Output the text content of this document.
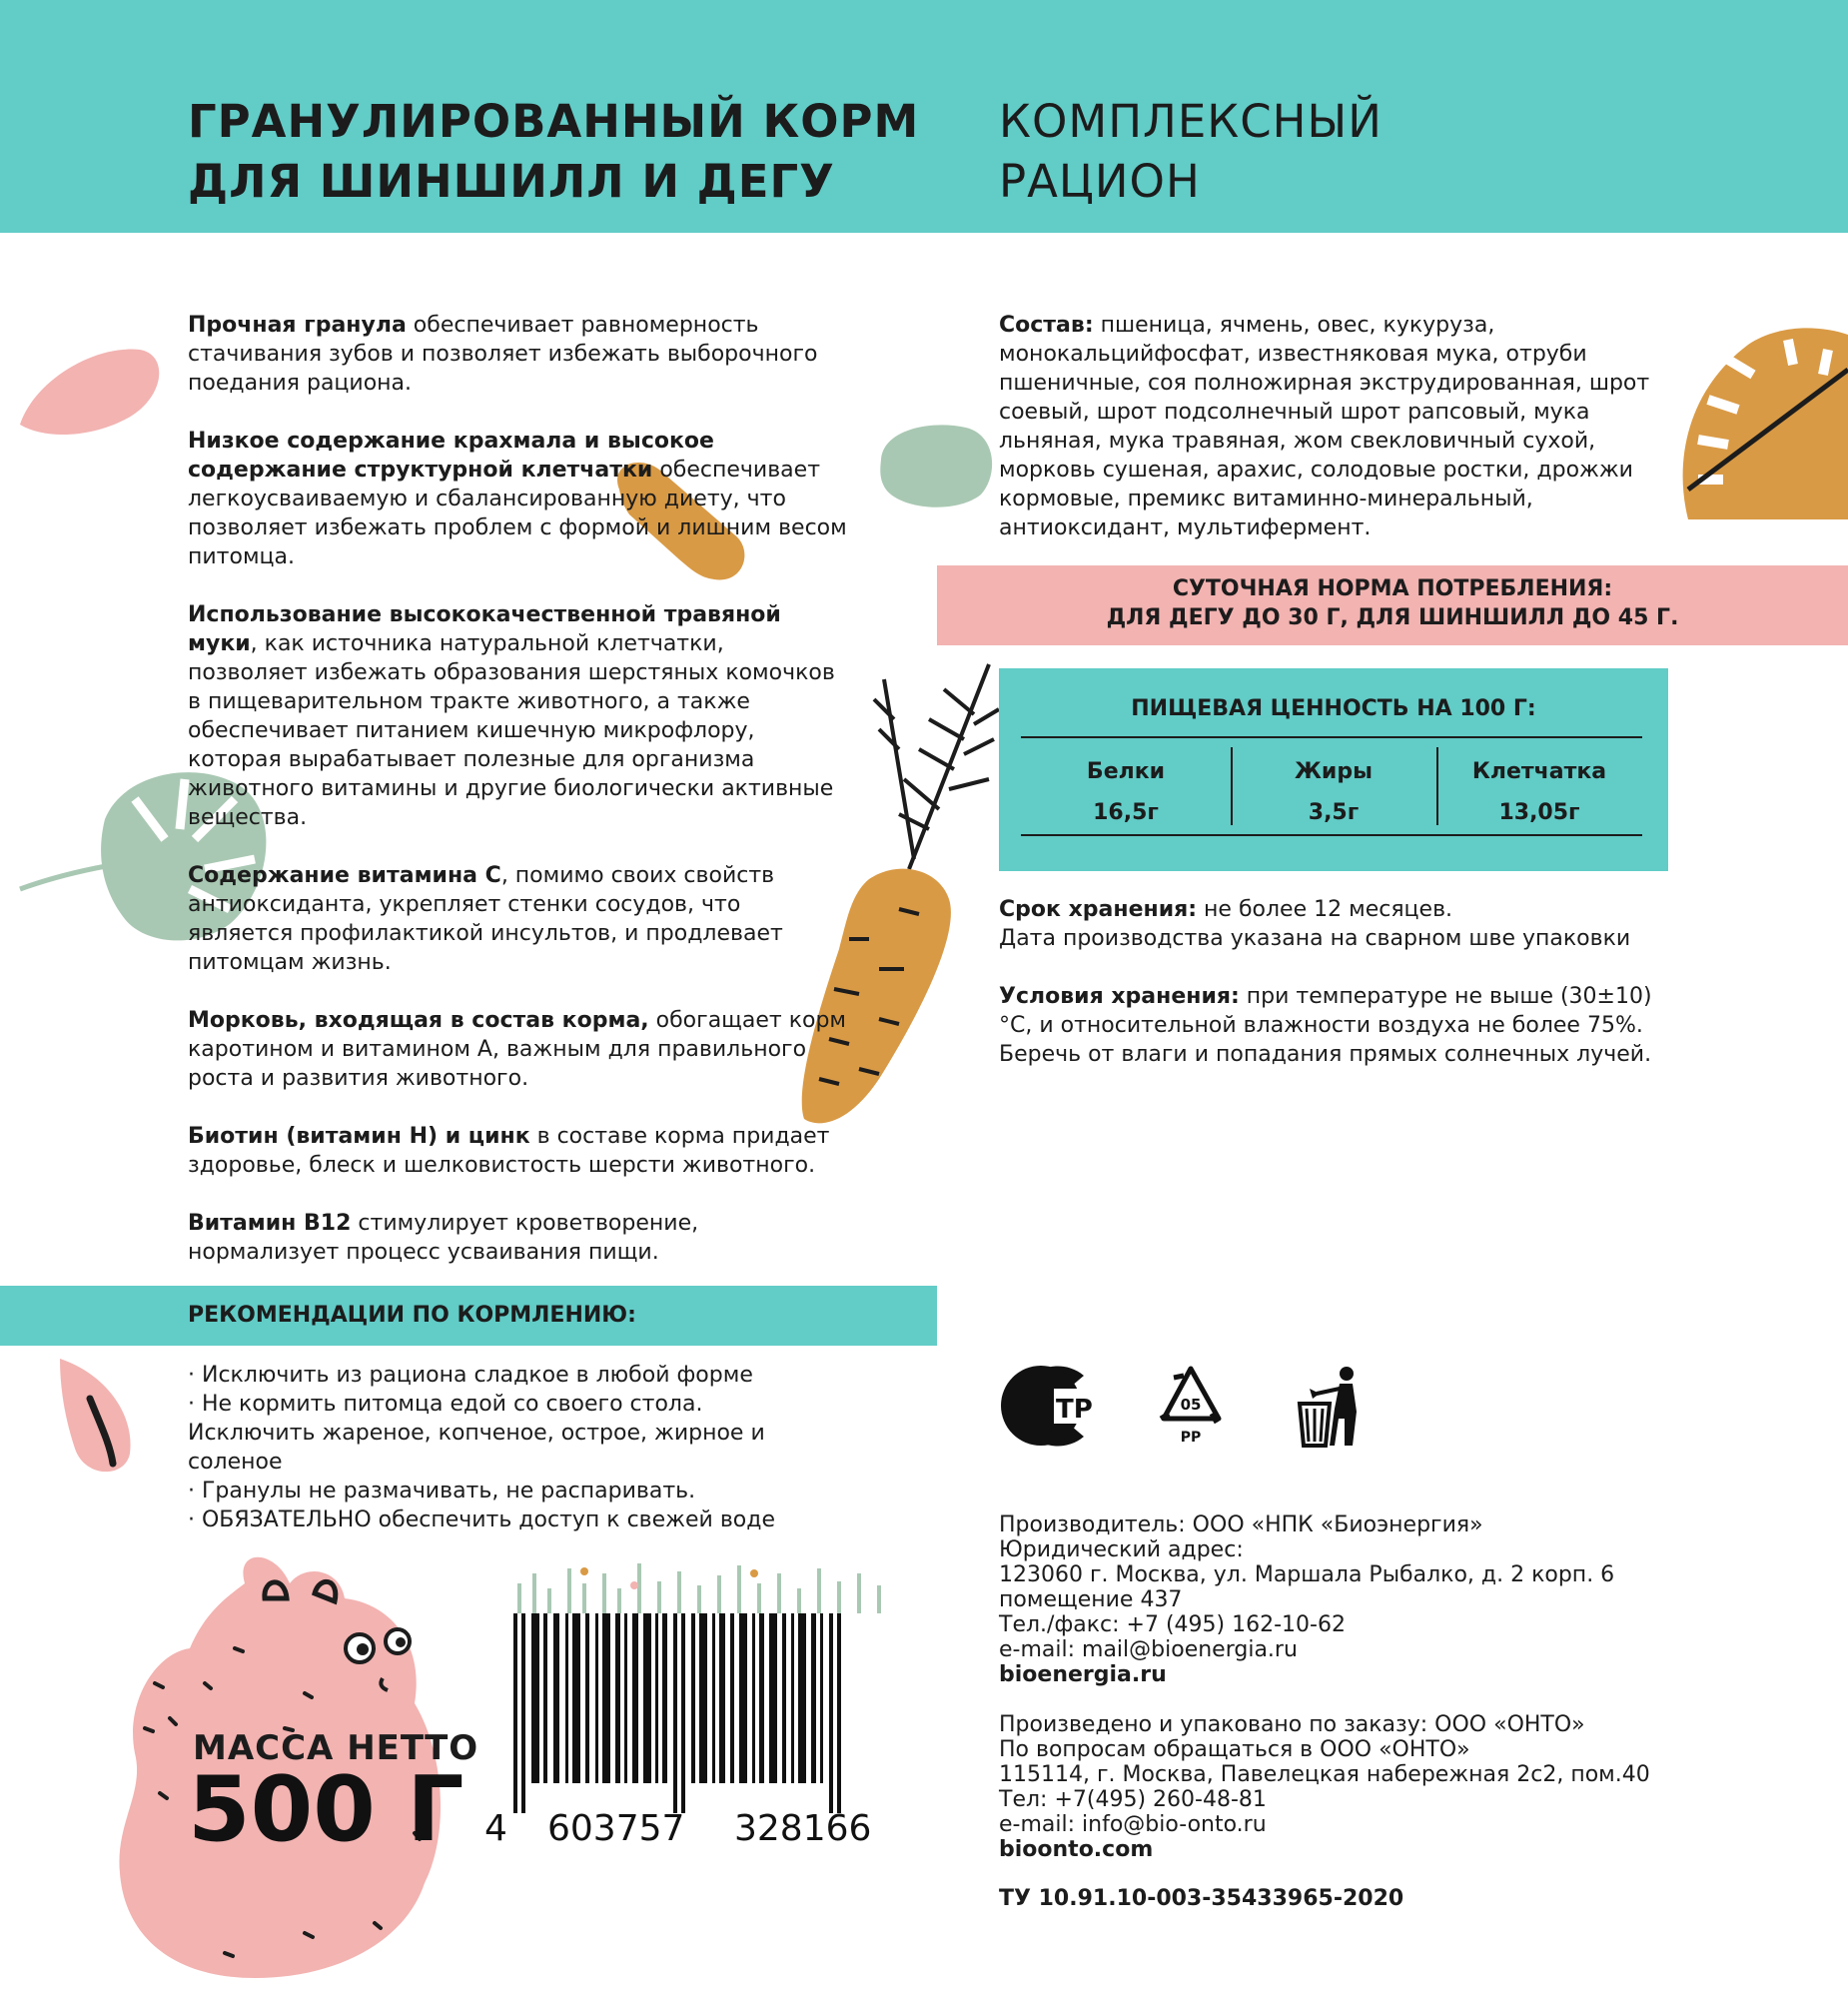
ГРАНУЛИРОВАННЫЙ КОРМ
ДЛЯ ШИНШИЛЛ И ДЕГУ
КОМПЛЕКСНЫЙ
РАЦИОН

Прочная гранула обеспечивает равномерность стачивания зубов и позволяет избежать выборочного поедания рациона.

Низкое содержание крахмала и высокое содержание структурной клетчатки обеспечивает легкоусваиваемую и сбалансированную диету, что позволяет избежать проблем с формой и лишним весом питомца.

Использование высококачественной травяной муки, как источника натуральной клетчатки, позволяет избежать образования шерстяных комочков в пищеварительном тракте животного, а также обеспечивает питанием кишечную микрофлору, которая вырабатывает полезные для организма животного витамины и другие биологически активные вещества.

Содержание витамина С, помимо своих свойств антиоксиданта, укрепляет стенки сосудов, что является профилактикой инсультов, и продлевает питомцам жизнь.

Морковь, входящая в состав корма, обогащает корм каротином и витамином А, важным для правильного роста и развития животного.

Биотин (витамин Н) и цинк в составе корма придает здоровье, блеск и шелковистость шерсти животного.

Витамин В12 стимулирует кроветворение, нормализует процесс усваивания пищи.

РЕКОМЕНДАЦИИ ПО КОРМЛЕНИЮ:
· Исключить из рациона сладкое в любой форме
· Не кормить питомца едой со своего стола.
Исключить жареное, копченое, острое, жирное и
соленое
· Гранулы не размачивать, не распаривать.
· ОБЯЗАТЕЛЬНО обеспечить доступ к свежей воде
МАССА НЕТТО
500 Г 4 603757 328166
Состав: пшеница, ячмень, овес, кукуруза, монокальцийфосфат, известняковая мука, отруби пшеничные, соя полножирная экструдированная, шрот соевый, шрот подсолнечный шрот рапсовый, мука льняная, мука травяная, жом свекловичный сухой, морковь сушеная, арахис, солодовые ростки, дрожжи кормовые, премикс витаминно-минеральный, антиоксидант, мультифермент.
СУТОЧНАЯ НОРМА ПОТРЕБЛЕНИЯ:
ДЛЯ ДЕГУ ДО 30 Г, ДЛЯ ШИНШИЛЛ ДО 45 Г.
ПИЩЕВАЯ ЦЕННОСТЬ НА 100 Г:
Белки
16,5г
Жиры
3,5г
Клетчатка
13,05г
Срок хранения: не более 12 месяцев.
Дата производства указана на сварном шве упаковки
Условия хранения: при температуре не выше (30±10)°С, и относительной влажности воздуха не более 75%. Беречь от влаги и попадания прямых солнечных лучей.
ТР	05
PP
Производитель: ООО «НПК «Биоэнергия»
Юридический адрес:
123060 г. Москва, ул. Маршала Рыбалко, д. 2 корп. 6
помещение 437
Тел./факс: +7 (495) 162-10-62
e-mail: mail@bioenergia.ru
bioenergia.ru
Произведено и упаковано по заказу: ООО «ОНТО»
По вопросам обращаться в ООО «ОНТО»
115114, г. Москва, Павелецкая набережная 2с2, пом.40
Тел: +7(495) 260-48-81
e-mail: info@bio-onto.ru
bioonto.com
ТУ 10.91.10-003-35433965-2020
